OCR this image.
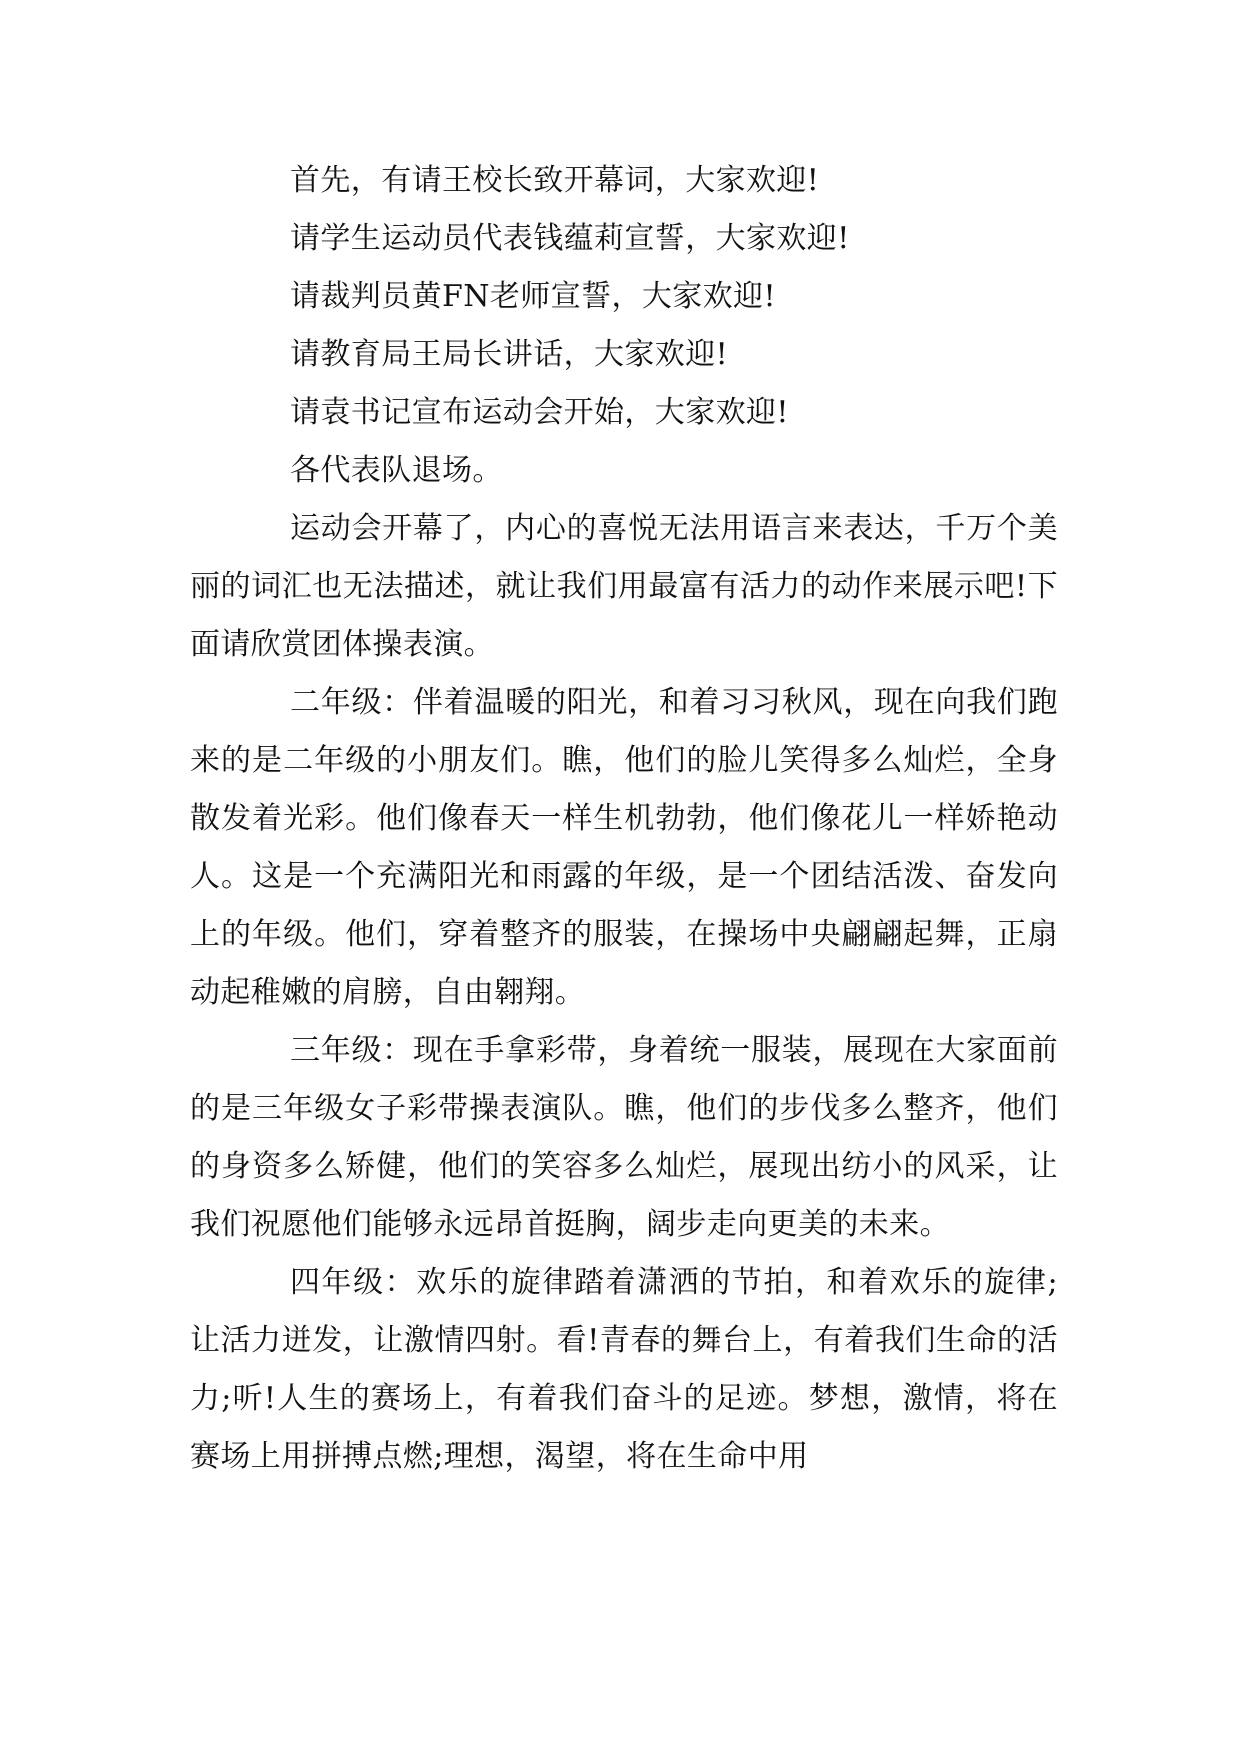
首先，有请王校长致开幕词，大家欢迎!

请学生运动员代表钱蕴莉宣誓，大家欢迎!

请裁判员黄FN老师宣誓，大家欢迎!

请教育局王局长讲话，大家欢迎!

请袁书记宣布运动会开始，大家欢迎!

各代表队退场。

运动会开幕了，内心的喜悦无法用语言来表达，千万个美丽的词汇也无法描述，就让我们用最富有活力的动作来展示吧!下面请欣赏团体操表演。

二年级：伴着温暖的阳光，和着习习秋风，现在向我们跑来的是二年级的小朋友们。瞧，他们的脸儿笑得多么灿烂，全身散发着光彩。他们像春天一样生机勃勃，他们像花儿一样娇艳动人。这是一个充满阳光和雨露的年级，是一个团结活泼、奋发向上的年级。他们，穿着整齐的服装，在操场中央翩翩起舞，正扇动起稚嫩的肩膀，自由翱翔。

三年级：现在手拿彩带，身着统一服装，展现在大家面前的是三年级女子彩带操表演队。瞧，他们的步伐多么整齐，他们的身资多么矫健，他们的笑容多么灿烂，展现出纺小的风采，让我们祝愿他们能够永远昂首挺胸，阔步走向更美的未来。

四年级：欢乐的旋律踏着潇洒的节拍，和着欢乐的旋律;让活力迸发，让激情四射。看!青春的舞台上，有着我们生命的活力;听!人生的赛场上，有着我们奋斗的足迹。梦想，激情，将在赛场上用拼搏点燃;理想，渴望，将在生命中用
